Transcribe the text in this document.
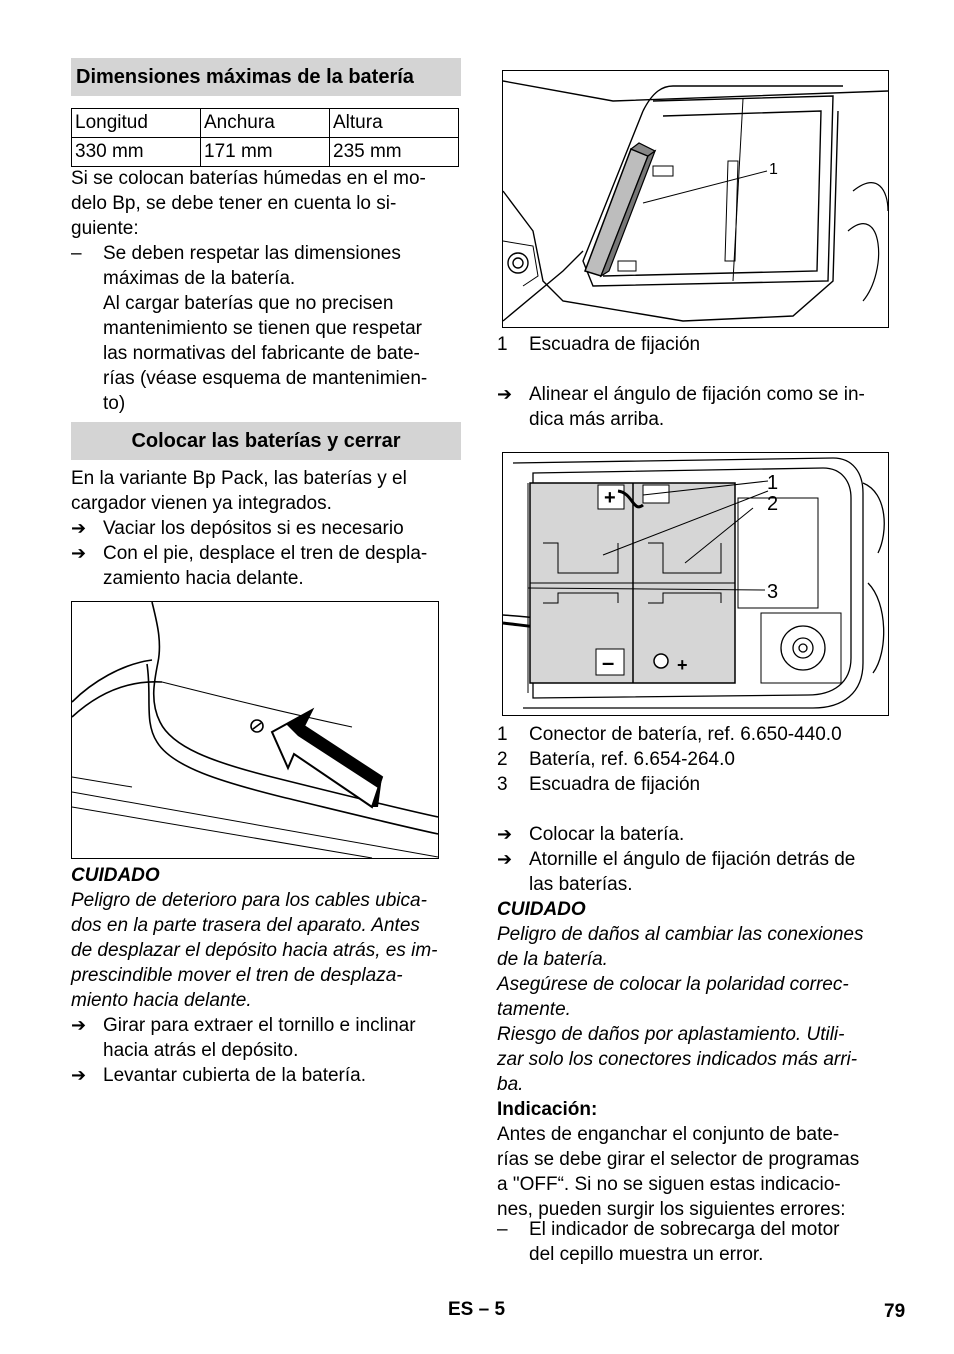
Dimensiones máximas de la batería
Longitud	Anchura	Altura
330 mm	171 mm	235 mm
Si se colocan baterías húmedas en el mo-
delo Bp, se debe tener en cuenta lo si-
guiente:
– Se deben respetar las dimensiones
máximas de la batería.
Al cargar baterías que no precisen
mantenimiento se tienen que respetar
las normativas del fabricante de bate-
rías (véase esquema de mantenimien-
to)
Colocar las baterías y cerrar
En la variante Bp Pack, las baterías y el
cargador vienen ya integrados.
➔ Vaciar los depósitos si es necesario
➔ Con el pie, desplace el tren de despla-
zamiento hacia delante.
CUIDADO
Peligro de deterioro para los cables ubica-
dos en la parte trasera del aparato. Antes
de desplazar el depósito hacia atrás, es im-
prescindible mover el tren de desplaza-
miento hacia delante.
➔ Girar para extraer el tornillo e inclinar
hacia atrás el depósito.
➔ Levantar cubierta de la batería.
1
1 Escuadra de fijación
➔ Alinear el ángulo de fijación como se in-
dica más arriba.
+
–	+
1
2
3
1 Conector de batería, ref. 6.650-440.0
2 Batería, ref. 6.654-264.0
3 Escuadra de fijación
➔ Colocar la batería.
➔ Atornille el ángulo de fijación detrás de
las baterías.
CUIDADO
Peligro de daños al cambiar las conexiones
de la batería.
Asegúrese de colocar la polaridad correc-
tamente.
Riesgo de daños por aplastamiento. Utili-
zar solo los conectores indicados más arri-
ba.
Indicación:
Antes de enganchar el conjunto de bate-
rías se debe girar el selector de programas
a "OFF“. Si no se siguen estas indicacio-
nes, pueden surgir los siguientes errores:
– El indicador de sobrecarga del motor
del cepillo muestra un error.
ES – 5	79
